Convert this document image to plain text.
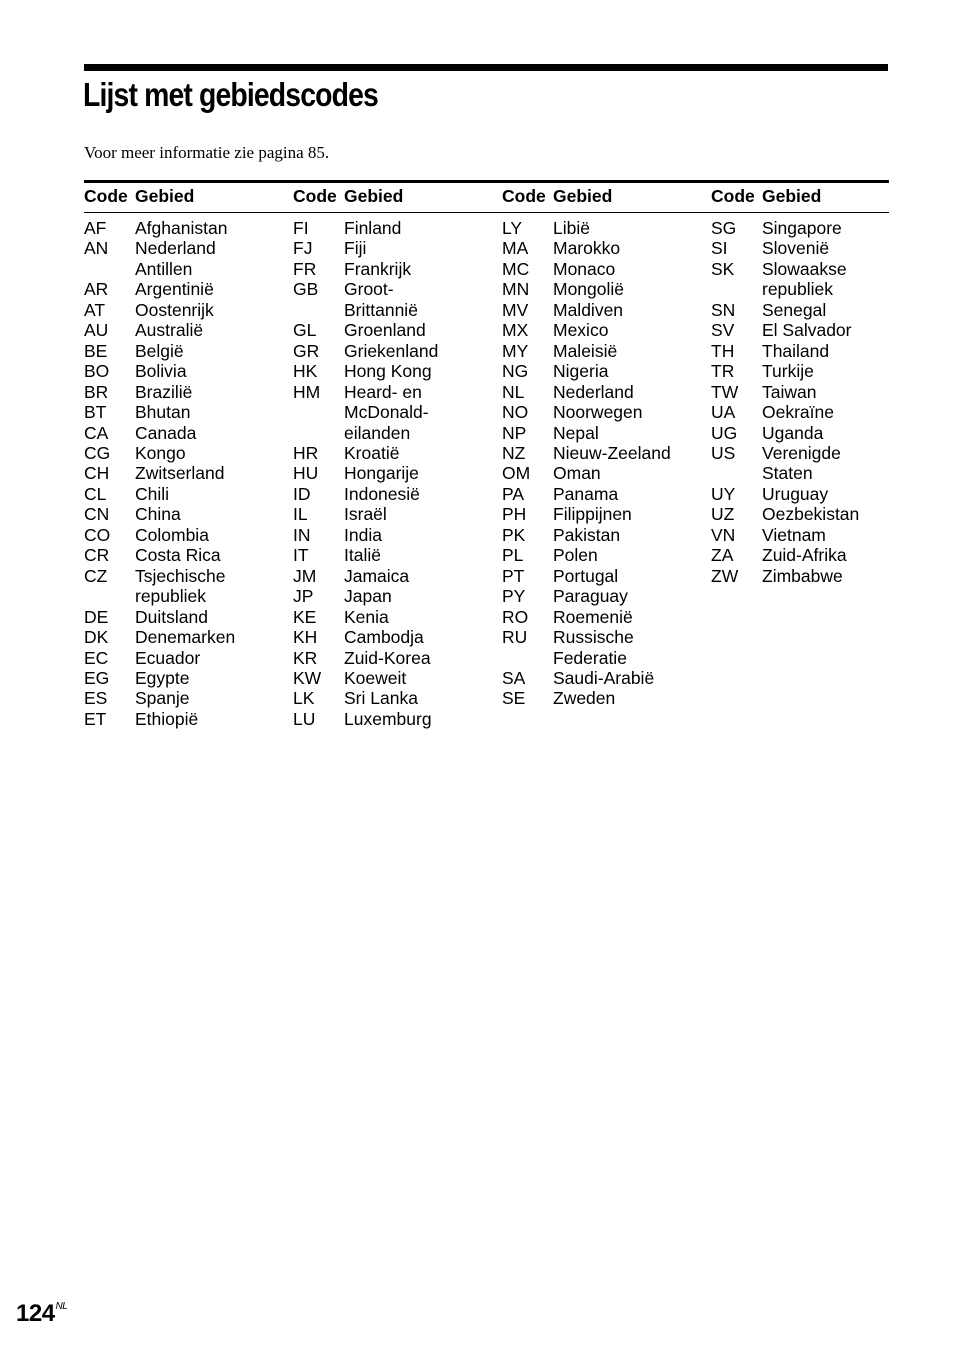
Lijst met gebiedscodes
Voor meer informatie zie pagina 85.
Code Gebied
AF Afghanistan
AN Nederland
Antillen
AR Argentinië
AT Oostenrijk
AU Australië
BE België
BO Bolivia
BR Brazilië
BT Bhutan
CA Canada
CG Kongo
CH Zwitserland
CL Chili
CN China
CO Colombia
CR Costa Rica
CZ Tsjechische
republiek
DE Duitsland
DK Denemarken
EC Ecuador
EG Egypte
ES Spanje
ET Ethiopië
Code Gebied
FI Finland
FJ Fiji
FR Frankrijk
GB Groot-
Brittannië
GL Groenland
GR Griekenland
HK Hong Kong
HM Heard- en
McDonald-
eilanden
HR Kroatië
HU Hongarije
ID Indonesië
IL Israël
IN India
IT Italië
JM Jamaica
JP Japan
KE Kenia
KH Cambodja
KR Zuid-Korea
KW Koeweit
LK Sri Lanka
LU Luxemburg
Code Gebied
LY Libië
MA Marokko
MC Monaco
MN Mongolië
MV Maldiven
MX Mexico
MY Maleisië
NG Nigeria
NL Nederland
NO Noorwegen
NP Nepal
NZ Nieuw-Zeeland
OM Oman
PA Panama
PH Filippijnen
PK Pakistan
PL Polen
PT Portugal
PY Paraguay
RO Roemenië
RU Russische
Federatie
SA Saudi-Arabië
SE Zweden
Code Gebied
SG Singapore
SI Slovenië
SK Slowaakse
republiek
SN Senegal
SV El Salvador
TH Thailand
TR Turkije
TW Taiwan
UA Oekraïne
UG Uganda
US Verenigde
Staten
UY Uruguay
UZ Oezbekistan
VN Vietnam
ZA Zuid-Afrika
ZW Zimbabwe
$124^{NL}$
